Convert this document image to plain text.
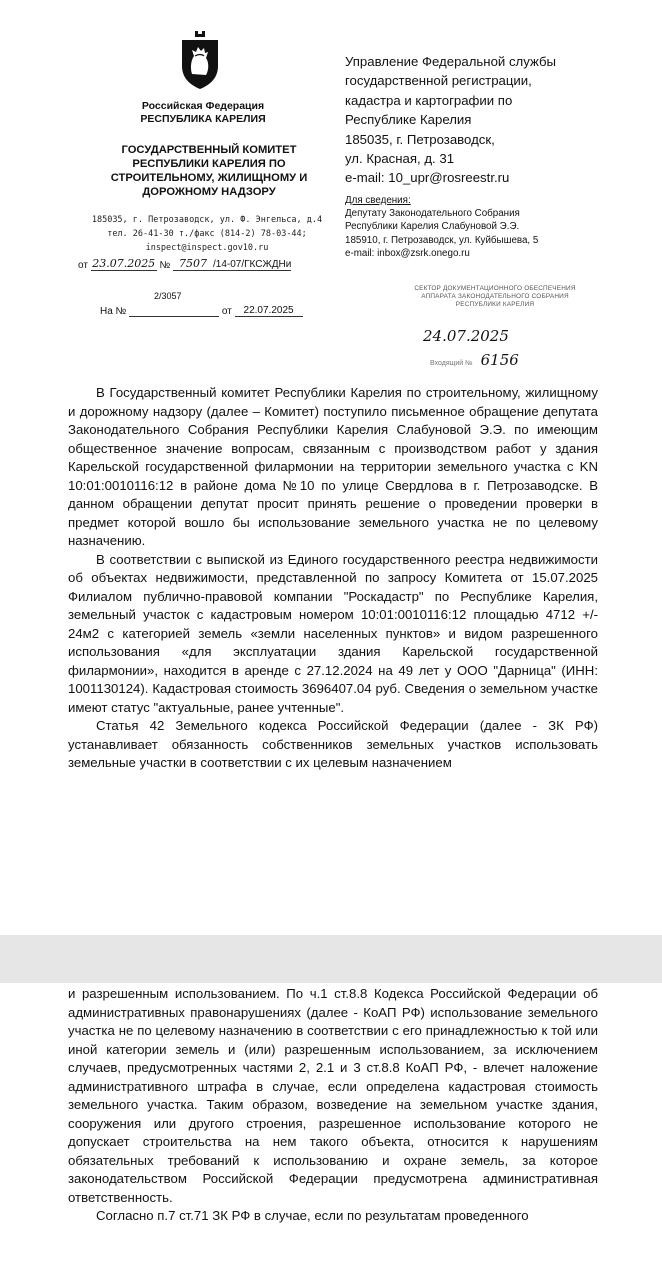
Российская Федерация
РЕСПУБЛИКА КАРЕЛИЯ
ГОСУДАРСТВЕННЫЙ КОМИТЕТ
РЕСПУБЛИКИ КАРЕЛИЯ ПО
СТРОИТЕЛЬНОМУ, ЖИЛИЩНОМУ И
ДОРОЖНОМУ НАДЗОРУ
185035, г. Петрозаводск, ул. Ф. Энгельса, д.4
тел. 26-41-30 т./факс (814-2) 78-03-44;
inspect@inspect.gov10.ru
от 23.07.2025 № 7507 /14-07/ГКСЖДНи
2/3057
На №	от 22.07.2025
Управление Федеральной службы
государственной регистрации,
кадастра и картографии по
Республике Карелия
185035, г. Петрозаводск,
ул. Красная, д. 31
e-mail: 10_upr@rosreestr.ru
Для сведения:
Депутату Законодательного Собрания
Республики Карелия Слабуновой Э.Э.
185910, г. Петрозаводск, ул. Куйбышева, 5
e-mail: inbox@zsrk.onego.ru
СЕКТОР ДОКУМЕНТАЦИОННОГО ОБЕСПЕЧЕНИЯ
АППАРАТА ЗАКОНОДАТЕЛЬНОГО СОБРАНИЯ
РЕСПУБЛИКИ КАРЕЛИЯ
24.07.2025
Входящий № 6156

В Государственный комитет Республики Карелия по строительному, жилищному и дорожному надзору (далее – Комитет) поступило письменное обращение депутата Законодательного Собрания Республики Карелия Слабуновой Э.Э. по имеющим общественное значение вопросам, связанным с производством работ у здания Карельской государственной филармонии на территории земельного участка с KN 10:01:0010116:12 в районе дома №10 по улице Свердлова в г. Петрозаводске. В данном обращении депутат просит принять решение о проведении проверки в предмет которой вошло бы использование земельного участка не по целевому назначению.

В соответствии с выпиской из Единого государственного реестра недвижимости об объектах недвижимости, представленной по запросу Комитета от 15.07.2025 Филиалом публично-правовой компании "Роскадастр" по Республике Карелия, земельный участок с кадастровым номером 10:01:0010116:12 площадью 4712 +/- 24м2 с категорией земель «земли населенных пунктов» и видом разрешенного использования «для эксплуатации здания Карельской государственной филармонии», находится в аренде с 27.12.2024 на 49 лет у ООО "Дарница" (ИНН: 1001130124). Кадастровая стоимость 3696407.04 руб. Сведения о земельном участке имеют статус "актуальные, ранее учтенные".

Статья 42 Земельного кодекса Российской Федерации (далее - ЗК РФ) устанавливает обязанность собственников земельных участков использовать земельные участки в соответствии с их целевым назначением

и разрешенным использованием. По ч.1 ст.8.8 Кодекса Российской Федерации об административных правонарушениях (далее - КоАП РФ) использование земельного участка не по целевому назначению в соответствии с его принадлежностью к той или иной категории земель и (или) разрешенным использованием, за исключением случаев, предусмотренных частями 2, 2.1 и 3 ст.8.8 КоАП РФ, - влечет наложение административного штрафа в случае, если определена кадастровая стоимость земельного участка. Таким образом, возведение на земельном участке здания, сооружения или другого строения, разрешенное использование которого не допускает строительства на нем такого объекта, относится к нарушениям обязательных требований к использованию и охране земель, за которое законодательством Российской Федерации предусмотрена административная ответственность.

Согласно п.7 ст.71 ЗК РФ в случае, если по результатам проведенного
